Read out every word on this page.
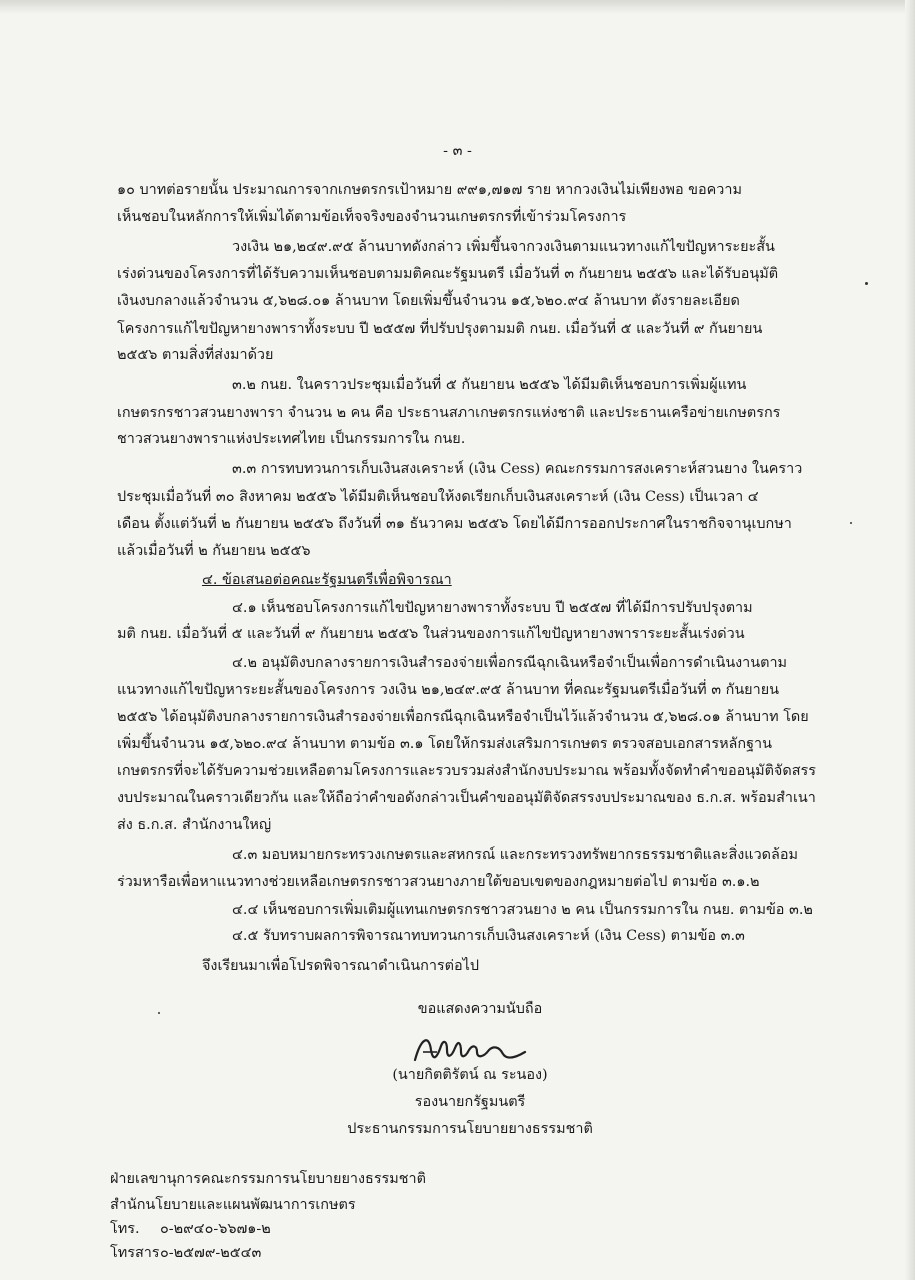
- ๓ -
๑๐ บาทต่อรายนั้น ประมาณการจากเกษตรกรเป้าหมาย ๙๙๑,๗๑๗ ราย หากวงเงินไม่เพียงพอ ขอความ
เห็นชอบในหลักการให้เพิ่มได้ตามข้อเท็จจริงของจำนวนเกษตรกรที่เข้าร่วมโครงการ
วงเงิน ๒๑,๒๔๙.๙๕ ล้านบาทดังกล่าว เพิ่มขึ้นจากวงเงินตามแนวทางแก้ไขปัญหาระยะสั้น
เร่งด่วนของโครงการที่ได้รับความเห็นชอบตามมติคณะรัฐมนตรี เมื่อวันที่ ๓ กันยายน ๒๕๕๖ และได้รับอนุมัติ
เงินงบกลางแล้วจำนวน ๕,๖๒๘.๐๑ ล้านบาท โดยเพิ่มขึ้นจำนวน ๑๕,๖๒๐.๙๔ ล้านบาท ดังรายละเอียด
โครงการแก้ไขปัญหายางพาราทั้งระบบ ปี ๒๕๕๗ ที่ปรับปรุงตามมติ กนย. เมื่อวันที่ ๕ และวันที่ ๙ กันยายน
๒๕๕๖ ตามสิ่งที่ส่งมาด้วย
๓.๒ กนย. ในคราวประชุมเมื่อวันที่ ๕ กันยายน ๒๕๕๖ ได้มีมติเห็นชอบการเพิ่มผู้แทน
เกษตรกรชาวสวนยางพารา จำนวน ๒ คน คือ ประธานสภาเกษตรกรแห่งชาติ และประธานเครือข่ายเกษตรกร
ชาวสวนยางพาราแห่งประเทศไทย เป็นกรรมการใน กนย.
๓.๓ การทบทวนการเก็บเงินสงเคราะห์ (เงิน Cess) คณะกรรมการสงเคราะห์สวนยาง ในคราว
ประชุมเมื่อวันที่ ๓๐ สิงหาคม ๒๕๕๖ ได้มีมติเห็นชอบให้งดเรียกเก็บเงินสงเคราะห์ (เงิน Cess) เป็นเวลา ๔
เดือน ตั้งแต่วันที่ ๒ กันยายน ๒๕๕๖ ถึงวันที่ ๓๑ ธันวาคม ๒๕๕๖ โดยได้มีการออกประกาศในราชกิจจานุเบกษา
แล้วเมื่อวันที่ ๒ กันยายน ๒๕๕๖
๔. ข้อเสนอต่อคณะรัฐมนตรีเพื่อพิจารณา
๔.๑ เห็นชอบโครงการแก้ไขปัญหายางพาราทั้งระบบ ปี ๒๕๕๗ ที่ได้มีการปรับปรุงตาม
มติ กนย. เมื่อวันที่ ๕ และวันที่ ๙ กันยายน ๒๕๕๖ ในส่วนของการแก้ไขปัญหายางพาราระยะสั้นเร่งด่วน
๔.๒ อนุมัติงบกลางรายการเงินสำรองจ่ายเพื่อกรณีฉุกเฉินหรือจำเป็นเพื่อการดำเนินงานตาม
แนวทางแก้ไขปัญหาระยะสั้นของโครงการ วงเงิน ๒๑,๒๔๙.๙๕ ล้านบาท ที่คณะรัฐมนตรีเมื่อวันที่ ๓ กันยายน
๒๕๕๖ ได้อนุมัติงบกลางรายการเงินสำรองจ่ายเพื่อกรณีฉุกเฉินหรือจำเป็นไว้แล้วจำนวน ๕,๖๒๘.๐๑ ล้านบาท โดย
เพิ่มขึ้นจำนวน ๑๕,๖๒๐.๙๔ ล้านบาท ตามข้อ ๓.๑ โดยให้กรมส่งเสริมการเกษตร ตรวจสอบเอกสารหลักฐาน
เกษตรกรที่จะได้รับความช่วยเหลือตามโครงการและรวบรวมส่งสำนักงบประมาณ พร้อมทั้งจัดทำคำขออนุมัติจัดสรร
งบประมาณในคราวเดียวกัน และให้ถือว่าคำขอดังกล่าวเป็นคำขออนุมัติจัดสรรงบประมาณของ ธ.ก.ส. พร้อมสำเนา
ส่ง ธ.ก.ส. สำนักงานใหญ่
๔.๓ มอบหมายกระทรวงเกษตรและสหกรณ์ และกระทรวงทรัพยากรธรรมชาติและสิ่งแวดล้อม
ร่วมหารือเพื่อหาแนวทางช่วยเหลือเกษตรกรชาวสวนยางภายใต้ขอบเขตของกฎหมายต่อไป ตามข้อ ๓.๑.๒
๔.๔ เห็นชอบการเพิ่มเติมผู้แทนเกษตรกรชาวสวนยาง ๒ คน เป็นกรรมการใน กนย. ตามข้อ ๓.๒
๔.๕ รับทราบผลการพิจารณาทบทวนการเก็บเงินสงเคราะห์ (เงิน Cess) ตามข้อ ๓.๓
จึงเรียนมาเพื่อโปรดพิจารณาดำเนินการต่อไป
ขอแสดงความนับถือ
(นายกิตติรัตน์ ณ ระนอง)
รองนายกรัฐมนตรี
ประธานกรรมการนโยบายยางธรรมชาติ
ฝ่ายเลขานุการคณะกรรมการนโยบายยางธรรมชาติ
สำนักนโยบายและแผนพัฒนาการเกษตร
โทร. ๐-๒๙๔๐-๖๖๗๑-๒
โทรสาร ๐-๒๕๗๙-๒๕๔๓
